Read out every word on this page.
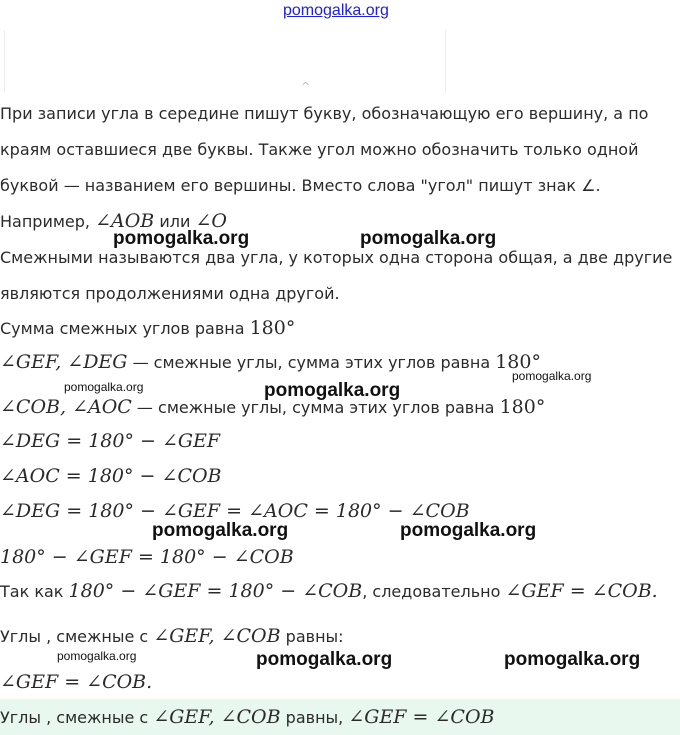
pomogalka.org
^
При записи угла в середине пишут букву, обозначающую его вершину, а по
краям оставшиеся две буквы. Также угол можно обозначить только одной
буквой — названием его вершины. Вместо слова "угол" пишут знак ∠.
Например, ∠AOB или ∠O
Смежными называются два угла, у которых одна сторона общая, а две другие
являются продолжениями одна другой.
Сумма смежных углов равна 180°
∠GEF, ∠DEG — смежные углы, сумма этих углов равна 180°
∠COB, ∠AOC — смежные углы, сумма этих углов равна 180°
∠DEG = 180° − ∠GEF
∠AOC = 180° − ∠COB
∠DEG = 180° − ∠GEF = ∠AOC = 180° − ∠COB
180° − ∠GEF = 180° − ∠COB
Так как 180° − ∠GEF = 180° − ∠COB, следовательно ∠GEF = ∠COB.
Углы , смежные с ∠GEF, ∠COB равны:
∠GEF = ∠COB.
Углы , смежные с ∠GEF, ∠COB равны, ∠GEF = ∠COB
pomogalka.org	pomogalka.org
pomogalka.org	pomogalka.org
pomogalka.org
pomogalka.org	pomogalka.org
pomogalka.org	pomogalka.org	pomogalka.org
